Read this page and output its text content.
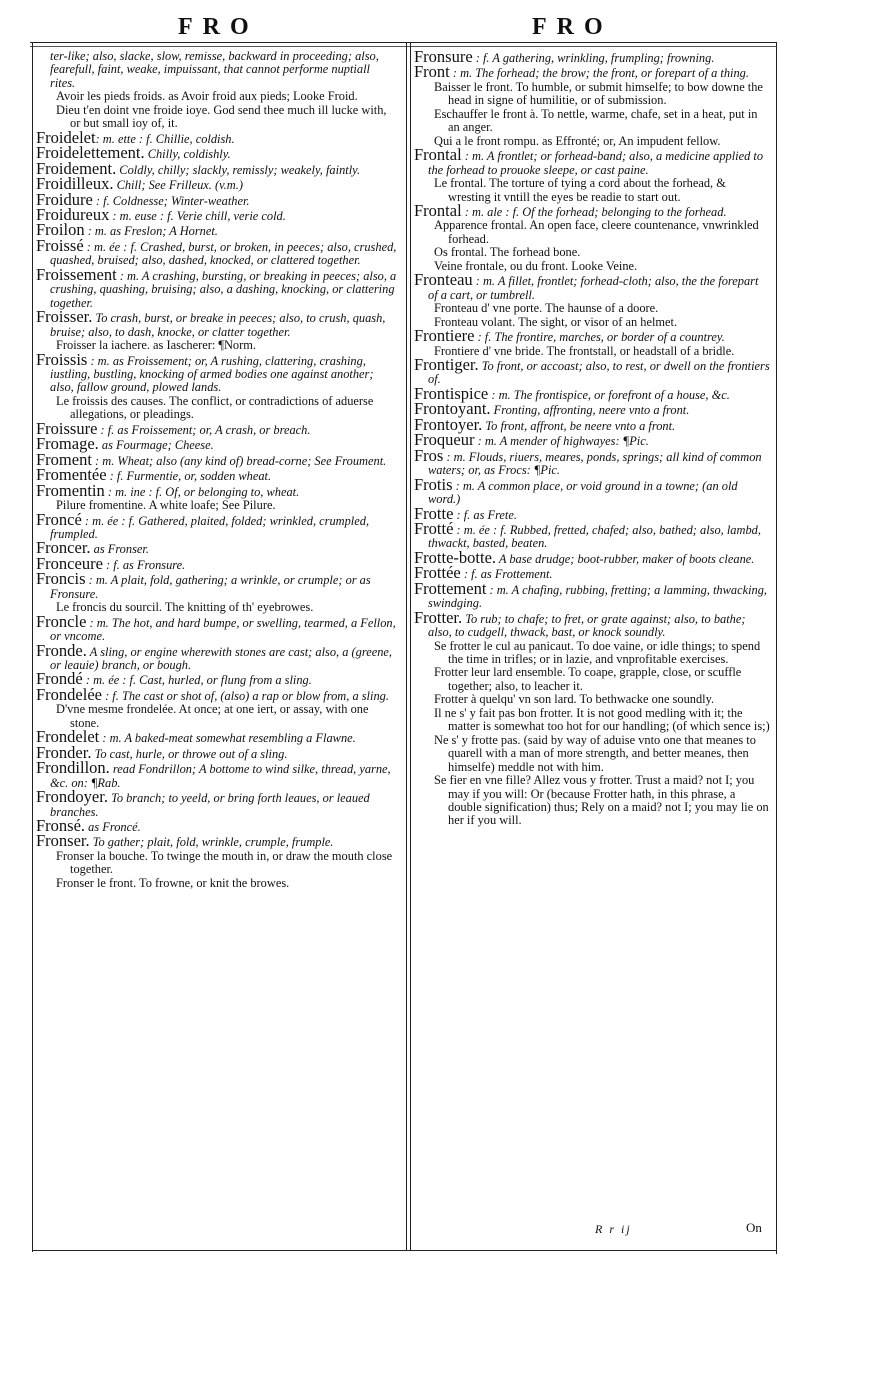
FRO	FRO

ter-like; also, slacke, slow, remisse, backward in proceeding; also, fearefull, faint, weake, impuissant, that cannot performe nuptiall rites.

Avoir les pieds froids. as Avoir froid aux pieds; Looke Froid.

Dieu t'en doint vne froide ioye. God send thee much ill lucke with, or but small ioy of, it.

Froidelet: m. ette : f. Chillie, coldish.

Froidelettement. Chilly, coldishly.

Froidement. Coldly, chilly; slackly, remissly; weakely, faintly.

Froidilleux. Chill; See Frilleux. (v.m.)

Froidure : f. Coldnesse; Winter-weather.

Froidureux : m. euse : f. Verie chill, verie cold.

Froilon : m. as Freslon; A Hornet.

Froissé : m. ée : f. Crashed, burst, or broken, in peeces; also, crushed, quashed, bruised; also, dashed, knocked, or clattered together.

Froissement : m. A crashing, bursting, or breaking in peeces; also, a crushing, quashing, bruising; also, a dashing, knocking, or clattering together.

Froisser. To crash, burst, or breake in peeces; also, to crush, quash, bruise; also, to dash, knocke, or clatter together.

Froisser la iachere. as Iascherer: ¶Norm.

Froissis : m. as Froissement; or, A rushing, clattering, crashing, iustling, bustling, knocking of armed bodies one against another; also, fallow ground, plowed lands.

Le froissis des causes. The conflict, or contradictions of aduerse allegations, or pleadings.

Froissure : f. as Froissement; or, A crash, or breach.

Fromage. as Fourmage; Cheese.

Froment : m. Wheat; also (any kind of) bread-corne; See Froument.

Fromentée : f. Furmentie, or, sodden wheat.

Fromentin : m. ine : f. Of, or belonging to, wheat.

Pilure fromentine. A white loafe; See Pilure.

Froncé : m. ée : f. Gathered, plaited, folded; wrinkled, crumpled, frumpled.

Froncer. as Fronser.

Fronceure : f. as Fronsure.

Froncis : m. A plait, fold, gathering; a wrinkle, or crumple; or as Fronsure.

Le froncis du sourcil. The knitting of th' eyebrowes.

Froncle : m. The hot, and hard bumpe, or swelling, tearmed, a Fellon, or vncome.

Fronde. A sling, or engine wherewith stones are cast; also, a (greene, or leauie) branch, or bough.

Frondé : m. ée : f. Cast, hurled, or flung from a sling.

Frondelée : f. The cast or shot of, (also) a rap or blow from, a sling.

D'vne mesme frondelée. At once; at one iert, or assay, with one stone.

Frondelet : m. A baked-meat somewhat resembling a Flawne.

Fronder. To cast, hurle, or throwe out of a sling.

Frondillon. read Fondrillon; A bottome to wind silke, thread, yarne, &c. on: ¶Rab.

Frondoyer. To branch; to yeeld, or bring forth leaues, or leaued branches.

Fronsé. as Froncé.

Fronser. To gather; plait, fold, wrinkle, crumple, frumple.

Fronser la bouche. To twinge the mouth in, or draw the mouth close together.

Fronser le front. To frowne, or knit the browes.

Fronsure : f. A gathering, wrinkling, frumpling; frowning.

Front : m. The forhead; the brow; the front, or forepart of a thing.

Baisser le front. To humble, or submit himselfe; to bow downe the head in signe of humilitie, or of submission.

Eschauffer le front à. To nettle, warme, chafe, set in a heat, put in an anger.

Qui a le front rompu. as Effronté; or, An impudent fellow.

Frontal : m. A frontlet; or forhead-band; also, a medicine applied to the forhead to prouoke sleepe, or cast paine.

Le frontal. The torture of tying a cord about the forhead, & wresting it vntill the eyes be readie to start out.

Frontal : m. ale : f. Of the forhead; belonging to the forhead.

Apparence frontal. An open face, cleere countenance, vnwrinkled forhead.

Os frontal. The forhead bone.

Veine frontale, ou du front. Looke Veine.

Fronteau : m. A fillet, frontlet; forhead-cloth; also, the the forepart of a cart, or tumbrell.

Fronteau d' vne porte. The haunse of a doore.

Fronteau volant. The sight, or visor of an helmet.

Frontiere : f. The frontire, marches, or border of a countrey.

Frontiere d' vne bride. The frontstall, or headstall of a bridle.

Frontiger. To front, or accoast; also, to rest, or dwell on the frontiers of.

Frontispice : m. The frontispice, or forefront of a house, &c.

Frontoyant. Fronting, affronting, neere vnto a front.

Frontoyer. To front, affront, be neere vnto a front.

Froqueur : m. A mender of highwayes: ¶Pic.

Fros : m. Flouds, riuers, meares, ponds, springs; all kind of common waters; or, as Frocs: ¶Pic.

Frotis : m. A common place, or void ground in a towne; (an old word.)

Frotte : f. as Frete.

Frotté : m. ée : f. Rubbed, fretted, chafed; also, bathed; also, lambd, thwackt, basted, beaten.

Frotte-botte. A base drudge; boot-rubber, maker of boots cleane.

Frottée : f. as Frottement.

Frottement : m. A chafing, rubbing, fretting; a lamming, thwacking, swindging.

Frotter. To rub; to chafe; to fret, or grate against; also, to bathe; also, to cudgell, thwack, bast, or knock soundly.

Se frotter le cul au panicaut. To doe vaine, or idle things; to spend the time in trifles; or in lazie, and vnprofitable exercises.

Frotter leur lard ensemble. To coape, grapple, close, or scuffle together; also, to leacher it.

Frotter à quelqu' vn son lard. To bethwacke one soundly.

Il ne s' y fait pas bon frotter. It is not good medling with it; the matter is somewhat too hot for our handling; (of which sence is;)

Ne s' y frotte pas. (said by way of aduise vnto one that meanes to quarell with a man of more strength, and better meanes, then himselfe) meddle not with him.

Se fier en vne fille? Allez vous y frotter. Trust a maid? not I; you may if you will: Or (because Frotter hath, in this phrase, a double signification) thus; Rely on a maid? not I; you may lie on her if you will.

R r ij	On
